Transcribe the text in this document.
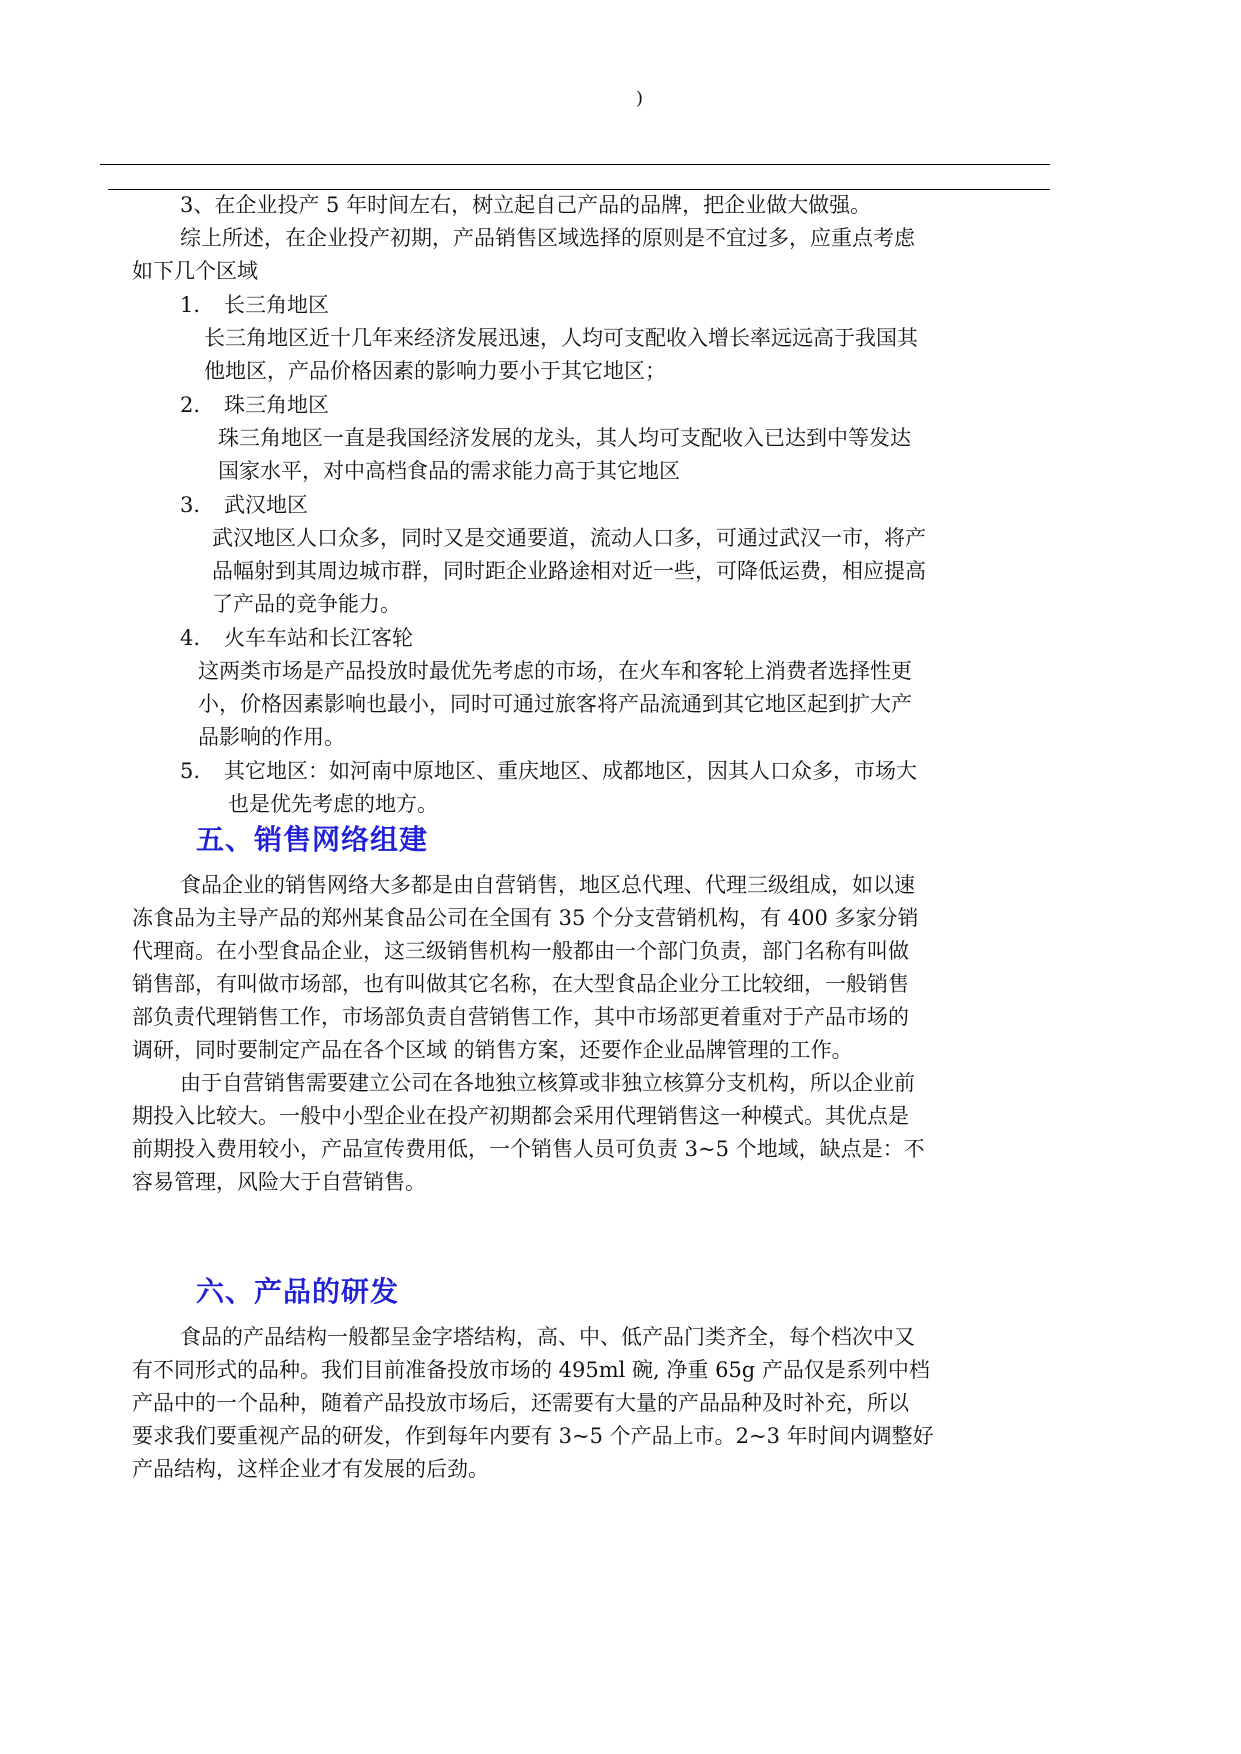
)
3、在企业投产 5 年时间左右，树立起自己产品的品牌，把企业做大做强。
综上所述，在企业投产初期，产品销售区域选择的原则是不宜过多，应重点考虑
如下几个区域
1. 长三角地区
长三角地区近十几年来经济发展迅速，人均可支配收入增长率远远高于我国其
他地区，产品价格因素的影响力要小于其它地区；
2. 珠三角地区
珠三角地区一直是我国经济发展的龙头，其人均可支配收入已达到中等发达
国家水平，对中高档食品的需求能力高于其它地区
3. 武汉地区
武汉地区人口众多，同时又是交通要道，流动人口多，可通过武汉一市，将产
品幅射到其周边城市群，同时距企业路途相对近一些，可降低运费，相应提高
了产品的竞争能力。
4. 火车车站和长江客轮
这两类市场是产品投放时最优先考虑的市场，在火车和客轮上消费者选择性更
小，价格因素影响也最小，同时可通过旅客将产品流通到其它地区起到扩大产
品影响的作用。
5. 其它地区：如河南中原地区、重庆地区、成都地区，因其人口众多，市场大
也是优先考虑的地方。
五、销售网络组建
食品企业的销售网络大多都是由自营销售，地区总代理、代理三级组成，如以速
冻食品为主导产品的郑州某食品公司在全国有 35 个分支营销机构，有 400 多家分销
代理商。在小型食品企业，这三级销售机构一般都由一个部门负责，部门名称有叫做
销售部，有叫做市场部，也有叫做其它名称，在大型食品企业分工比较细，一般销售
部负责代理销售工作，市场部负责自营销售工作，其中市场部更着重对于产品市场的
调研，同时要制定产品在各个区域 的销售方案，还要作企业品牌管理的工作。
由于自营销售需要建立公司在各地独立核算或非独立核算分支机构，所以企业前
期投入比较大。一般中小型企业在投产初期都会采用代理销售这一种模式。其优点是
前期投入费用较小，产品宣传费用低，一个销售人员可负责 3~5 个地域，缺点是：不
容易管理，风险大于自营销售。
六、产品的研发
食品的产品结构一般都呈金字塔结构，高、中、低产品门类齐全，每个档次中又
有不同形式的品种。我们目前准备投放市场的 495ml 碗, 净重 65g 产品仅是系列中档
产品中的一个品种，随着产品投放市场后，还需要有大量的产品品种及时补充，所以
要求我们要重视产品的研发，作到每年内要有 3~5 个产品上市。2~3 年时间内调整好
产品结构，这样企业才有发展的后劲。
